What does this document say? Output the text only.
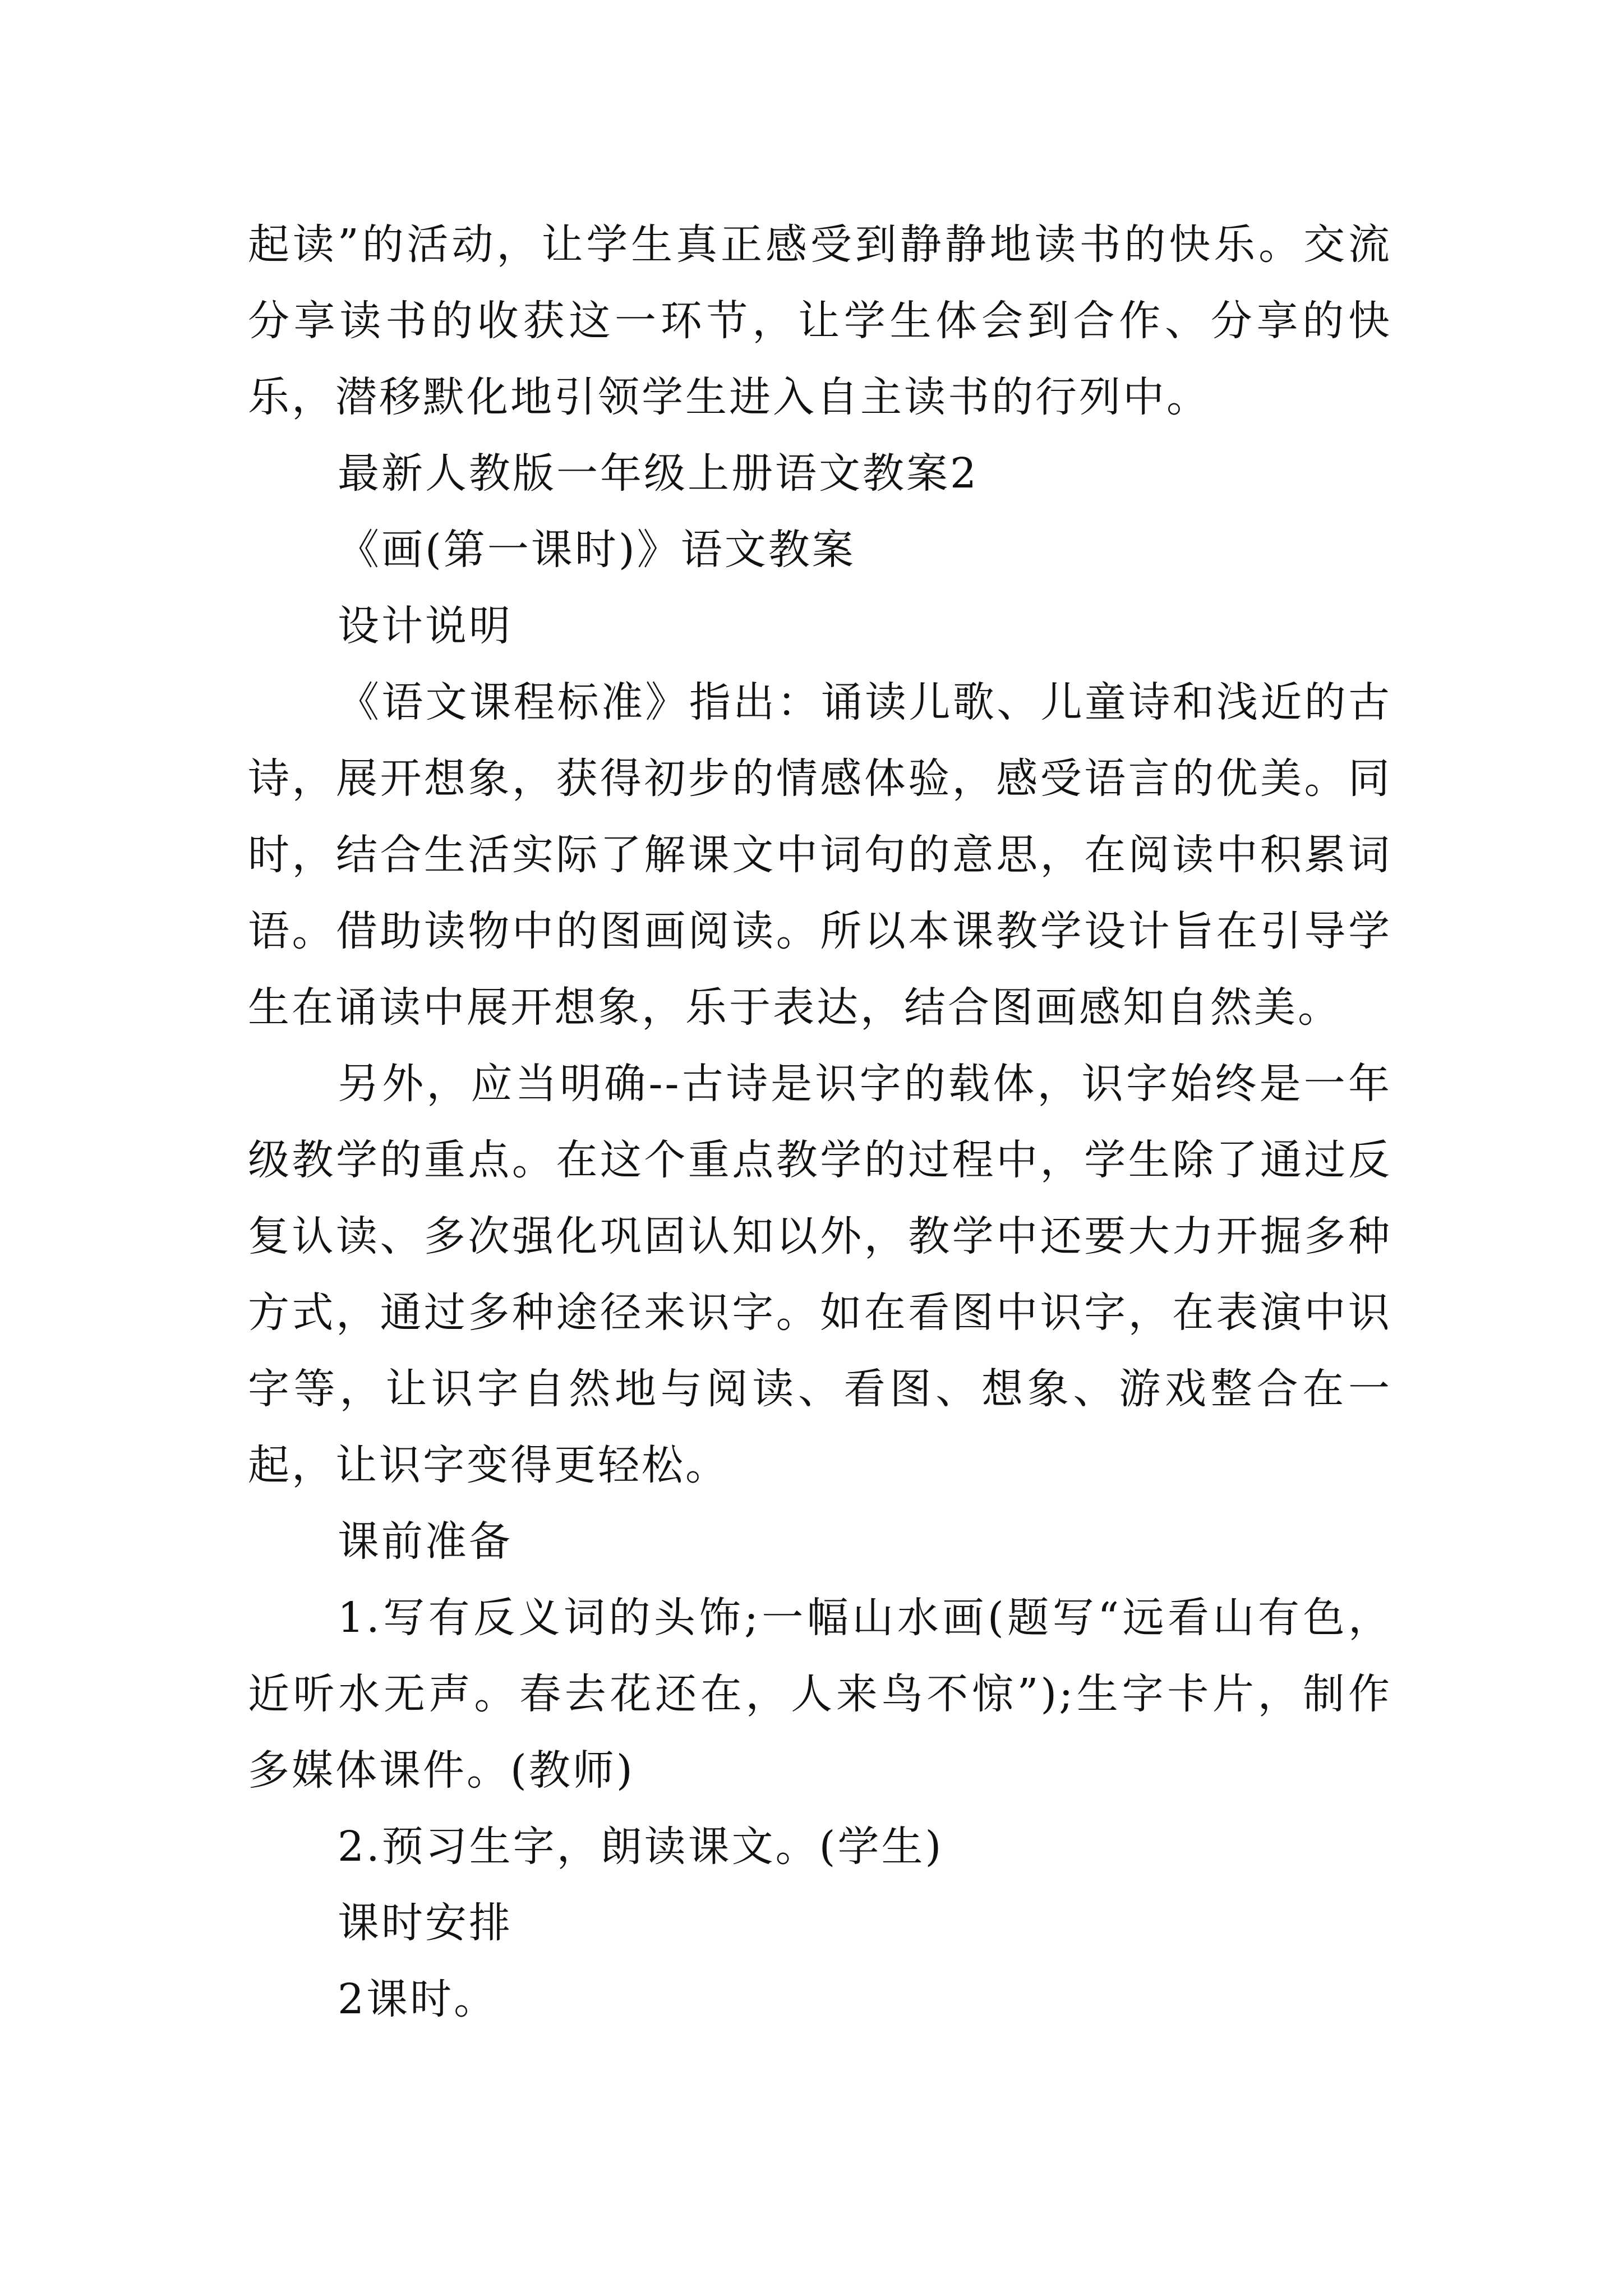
起读”的活动，让学生真正感受到静静地读书的快乐。交流分享读书的收获这一环节，让学生体会到合作、分享的快乐，潜移默化地引领学生进入自主读书的行列中。

最新人教版一年级上册语文教案2

《画(第一课时)》语文教案

设计说明

《语文课程标准》指出：诵读儿歌、儿童诗和浅近的古诗，展开想象，获得初步的情感体验，感受语言的优美。同时，结合生活实际了解课文中词句的意思，在阅读中积累词语。借助读物中的图画阅读。所以本课教学设计旨在引导学生在诵读中展开想象，乐于表达，结合图画感知自然美。

另外，应当明确--古诗是识字的载体，识字始终是一年级教学的重点。在这个重点教学的过程中，学生除了通过反复认读、多次强化巩固认知以外，教学中还要大力开掘多种方式，通过多种途径来识字。如在看图中识字，在表演中识字等，让识字自然地与阅读、看图、想象、游戏整合在一起，让识字变得更轻松。

课前准备

1.写有反义词的头饰;一幅山水画(题写“远看山有色，近听水无声。春去花还在，人来鸟不惊”);生字卡片，制作多媒体课件。(教师)

2.预习生字，朗读课文。(学生)

课时安排

2课时。
